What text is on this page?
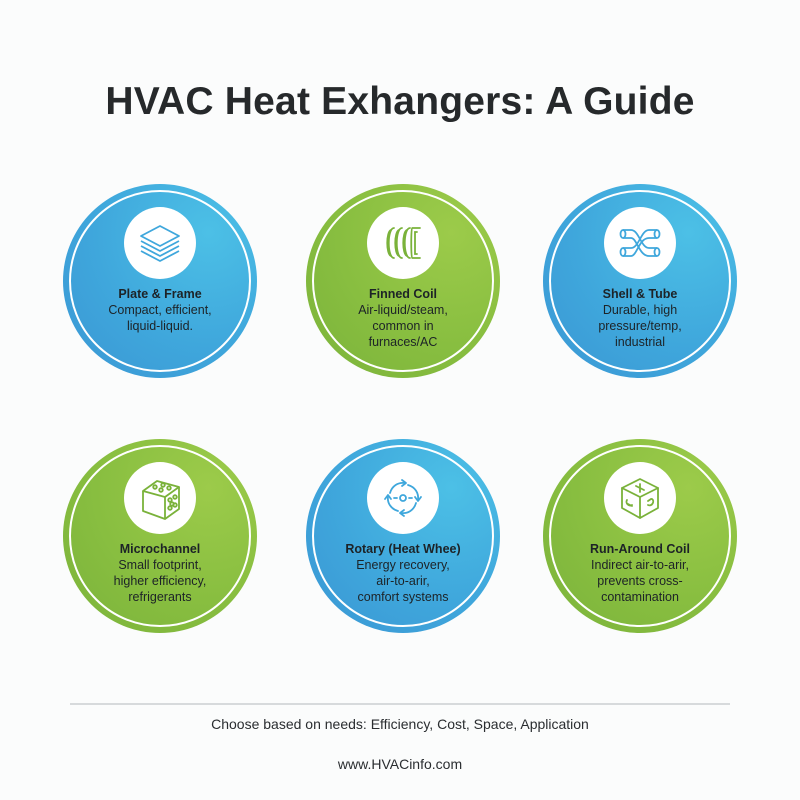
HVAC Heat Exhangers: A Guide
Plate & Frame
Compact, efficient,
liquid-liquid.
Finned Coil
Air-liquid/steam,
common in
furnaces/AC
Shell & Tube
Durable, high
pressure/temp,
industrial
Microchannel
Small footprint,
higher efficiency,
refrigerants
Rotary (Heat Whee)
Energy recovery,
air-to-arir,
comfort systems
Run-Around Coil
Indirect air-to-arir,
prevents cross-
contamination
Choose based on needs: Efficiency, Cost, Space, Application
www.HVACinfo.com
